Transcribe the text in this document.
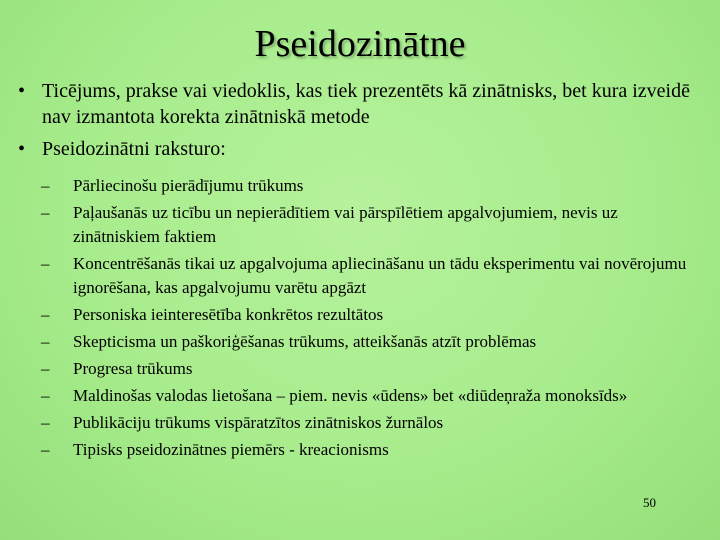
Pseidozinātne
• Ticējums, prakse vai viedoklis, kas tiek prezentēts kā zinātnisks, bet kura izveidē nav izmantota korekta zinātniskā metode
• Pseidozinātni raksturo:
– Pārliecinošu pierādījumu trūkums
– Paļaušanās uz ticību un nepierādītiem vai pārspīlētiem apgalvojumiem, nevis uz zinātniskiem faktiem
– Koncentrēšanās tikai uz apgalvojuma apliecināšanu un tādu eksperimentu vai novērojumu ignorēšana, kas apgalvojumu varētu apgāzt
– Personiska ieinteresētība konkrētos rezultātos
– Skepticisma un paškoriģēšanas trūkums, atteikšanās atzīt problēmas
– Progresa trūkums
– Maldinošas valodas lietošana – piem. nevis «ūdens» bet «diūdeņraža monoksīds»
– Publikāciju trūkums vispāratzītos zinātniskos žurnālos
– Tipisks pseidozinātnes piemērs - kreacionisms
50
